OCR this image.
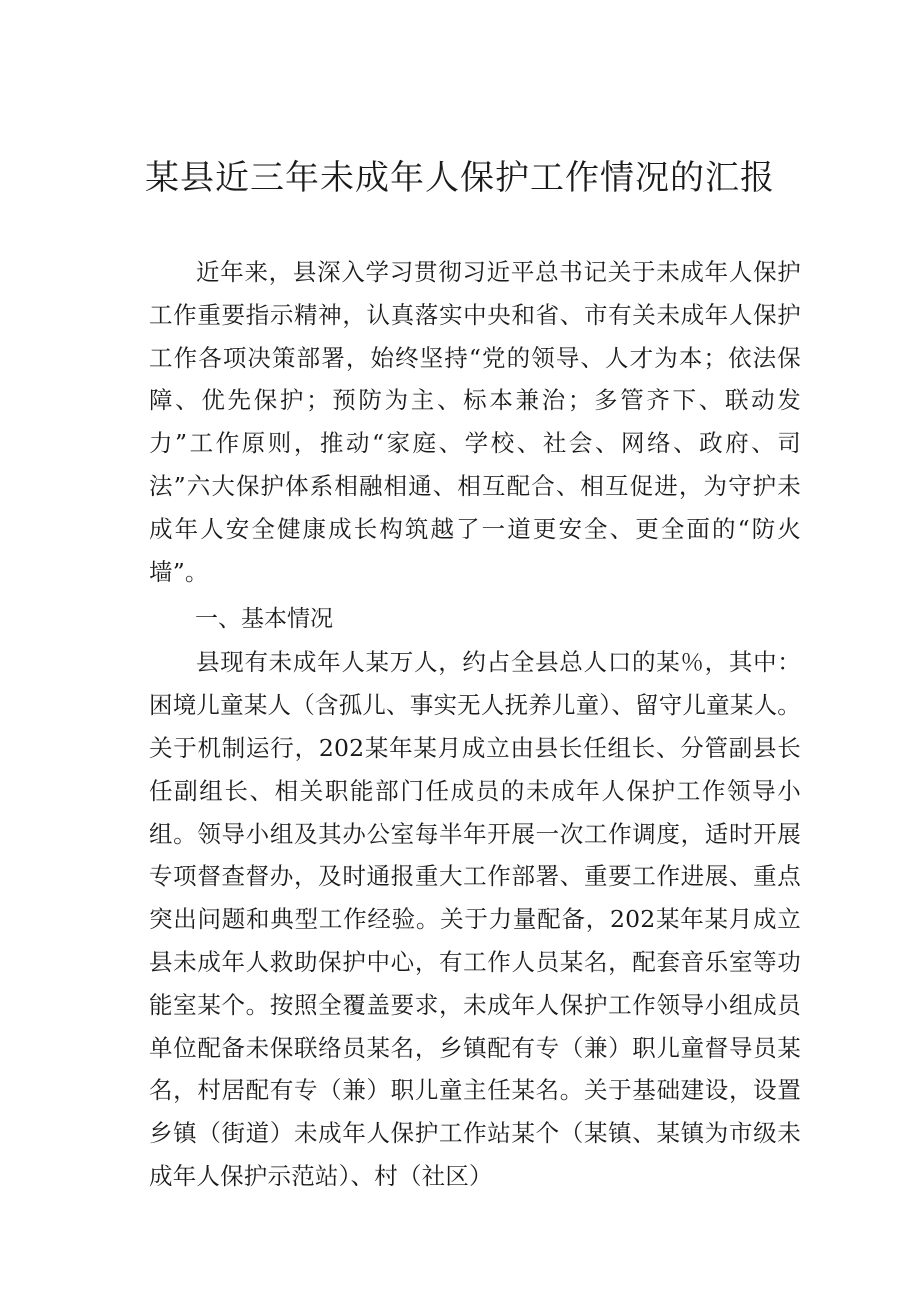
某县近三年未成年人保护工作情况的汇报

近年来，县深入学习贯彻习近平总书记关于未成年人保护工作重要指示精神，认真落实中央和省、市有关未成年人保护工作各项决策部署，始终坚持“党的领导、人才为本；依法保障、优先保护；预防为主、标本兼治；多管齐下、联动发力”工作原则，推动“家庭、学校、社会、网络、政府、司法”六大保护体系相融相通、相互配合、相互促进，为守护未成年人安全健康成长构筑越了一道更安全、更全面的“防火墙”。

一、基本情况

县现有未成年人某万人，约占全县总人口的某％，其中：困境儿童某人（含孤儿、事实无人抚养儿童）、留守儿童某人。关于机制运行，202某年某月成立由县长任组长、分管副县长任副组长、相关职能部门任成员的未成年人保护工作领导小组。领导小组及其办公室每半年开展一次工作调度，适时开展专项督查督办，及时通报重大工作部署、重要工作进展、重点突出问题和典型工作经验。关于力量配备，202某年某月成立县未成年人救助保护中心，有工作人员某名，配套音乐室等功能室某个。按照全覆盖要求，未成年人保护工作领导小组成员单位配备未保联络员某名，乡镇配有专（兼）职儿童督导员某名，村居配有专（兼）职儿童主任某名。关于基础建设，设置乡镇（街道）未成年人保护工作站某个（某镇、某镇为市级未成年人保护示范站）、村（社区）
